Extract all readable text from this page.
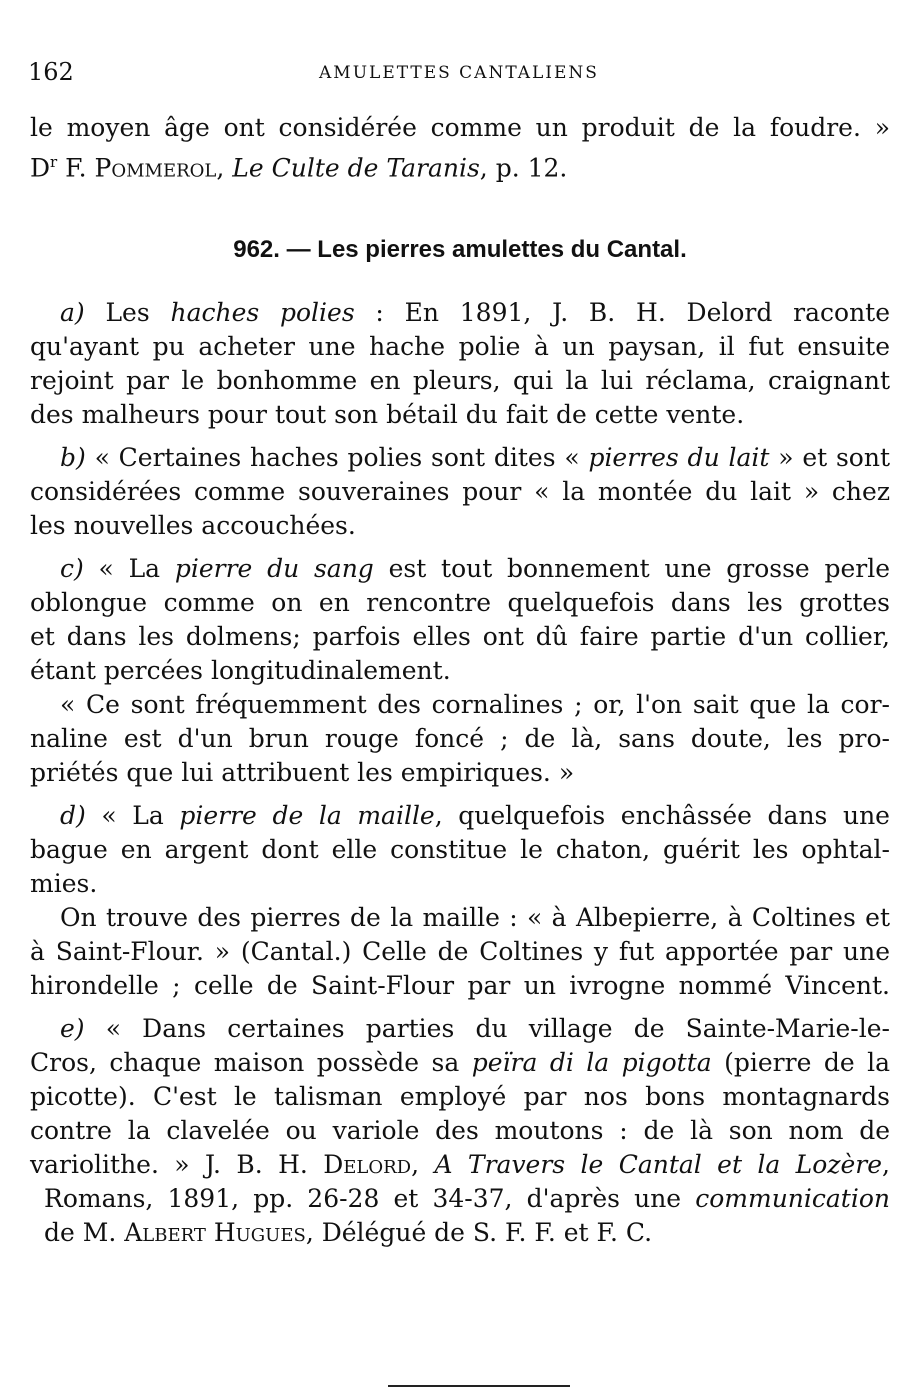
162	AMULETTES CANTALIENS
le moyen âge ont considérée comme un produit de la foudre. »
$D^r$ F. Pommerol, Le Culte de Taranis, p. 12.
962. — Les pierres amulettes du Cantal.
a) Les haches polies : En 1891, J. B. H. Delord raconte
qu'ayant pu acheter une hache polie à un paysan, il fut ensuite
rejoint par le bonhomme en pleurs, qui la lui réclama, craignant
des malheurs pour tout son bétail du fait de cette vente.
b) « Certaines haches polies sont dites « pierres du lait » et sont
considérées comme souveraines pour « la montée du lait » chez
les nouvelles accouchées.
c) « La pierre du sang est tout bonnement une grosse perle
oblongue comme on en rencontre quelquefois dans les grottes
et dans les dolmens; parfois elles ont dû faire partie d'un collier,
étant percées longitudinalement.
« Ce sont fréquemment des cornalines ; or, l'on sait que la cor-
naline est d'un brun rouge foncé ; de là, sans doute, les pro-
priétés que lui attribuent les empiriques. »
d) « La pierre de la maille, quelquefois enchâssée dans une
bague en argent dont elle constitue le chaton, guérit les ophtal-
mies.
On trouve des pierres de la maille : « à Albepierre, à Coltines et
à Saint-Flour. » (Cantal.) Celle de Coltines y fut apportée par une
hirondelle ; celle de Saint-Flour par un ivrogne nommé Vincent.
e) « Dans certaines parties du village de Sainte-Marie-le-
Cros, chaque maison possède sa peïra di la pigotta (pierre de la
picotte). C'est le talisman employé par nos bons montagnards
contre la clavelée ou variole des moutons : de là son nom de
variolithe. » J. B. H. Delord, A Travers le Cantal et la Lozère,
Romans, 1891, pp. 26-28 et 34-37, d'après une communication
de M. Albert Hugues, Délégué de S. F. F. et F. C.
